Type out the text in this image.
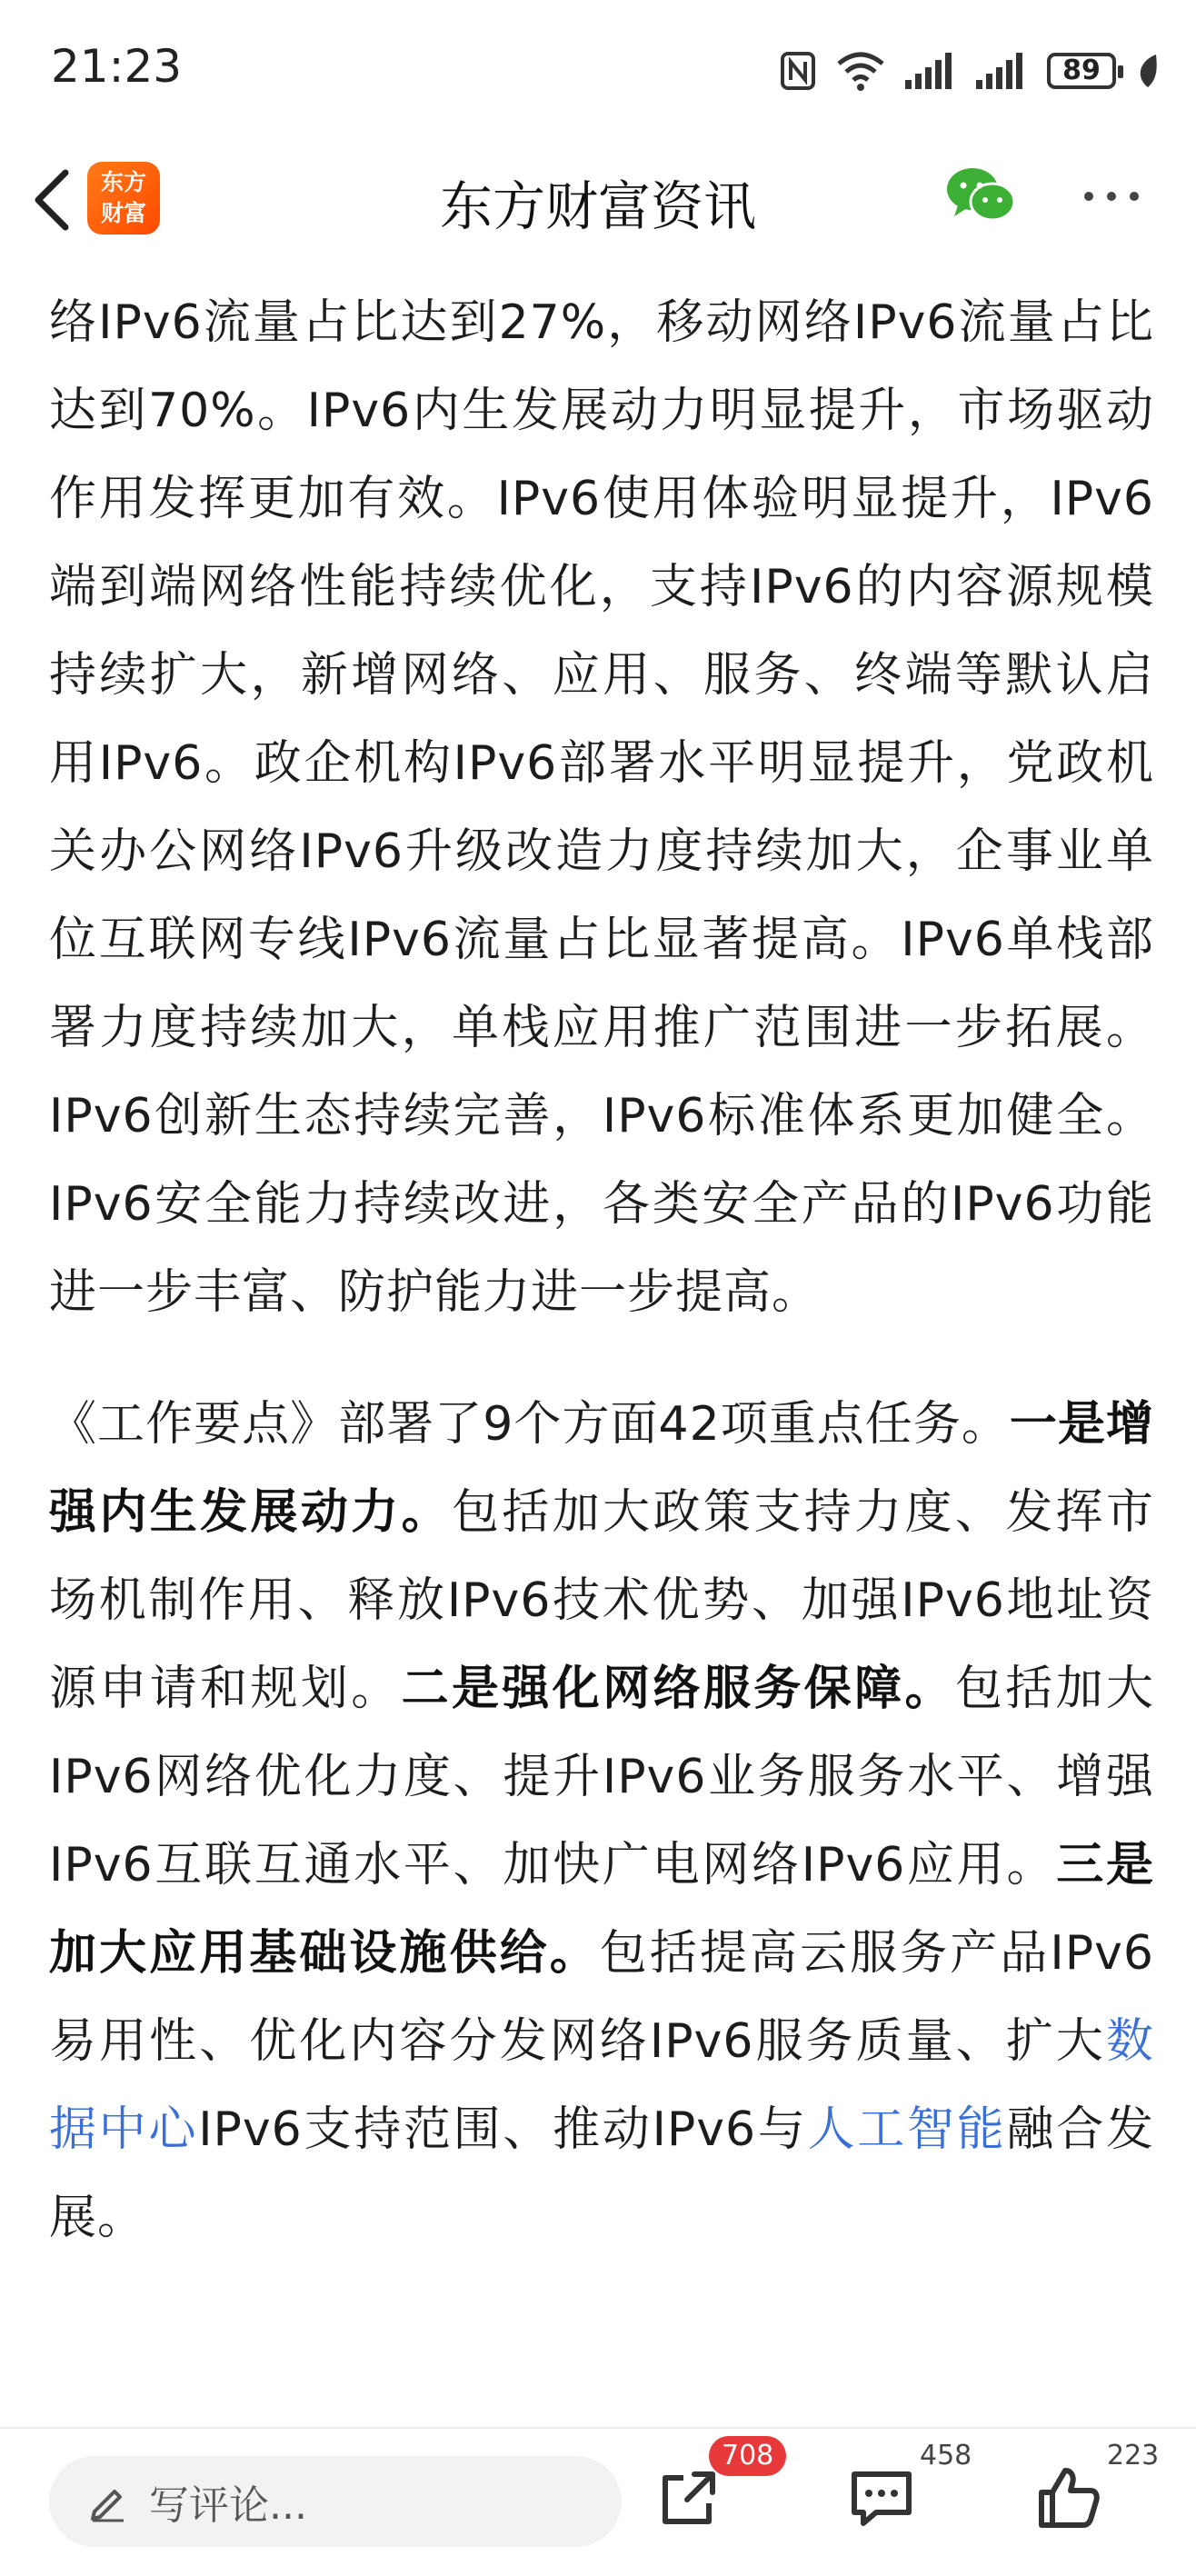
21:23	89
东方
财富	东方财富资讯

络IPv6流量占比达到27%，移动网络IPv6流量占比达到70%。IPv6内生发展动力明显提升，市场驱动作用发挥更加有效。IPv6使用体验明显提升，IPv6端到端网络性能持续优化，支持IPv6的内容源规模持续扩大，新增网络、应用、服务、终端等默认启用IPv6。政企机构IPv6部署水平明显提升，党政机关办公网络IPv6升级改造力度持续加大，企事业单位互联网专线IPv6流量占比显著提高。IPv6单栈部署力度持续加大，单栈应用推广范围进一步拓展。IPv6创新生态持续完善，IPv6标准体系更加健全。IPv6安全能力持续改进，各类安全产品的IPv6功能进一步丰富、防护能力进一步提高。

《工作要点》部署了9个方面42项重点任务。一是增强内生发展动力。包括加大政策支持力度、发挥市场机制作用、释放IPv6技术优势、加强IPv6地址资源申请和规划。二是强化网络服务保障。包括加大IPv6网络优化力度、提升IPv6业务服务水平、增强IPv6互联互通水平、加快广电网络IPv6应用。三是加大应用基础设施供给。包括提高云服务产品IPv6易用性、优化内容分发网络IPv6服务质量、扩大数据中心IPv6支持范围、推动IPv6与人工智能融合发展。

写评论...
708	458	223
